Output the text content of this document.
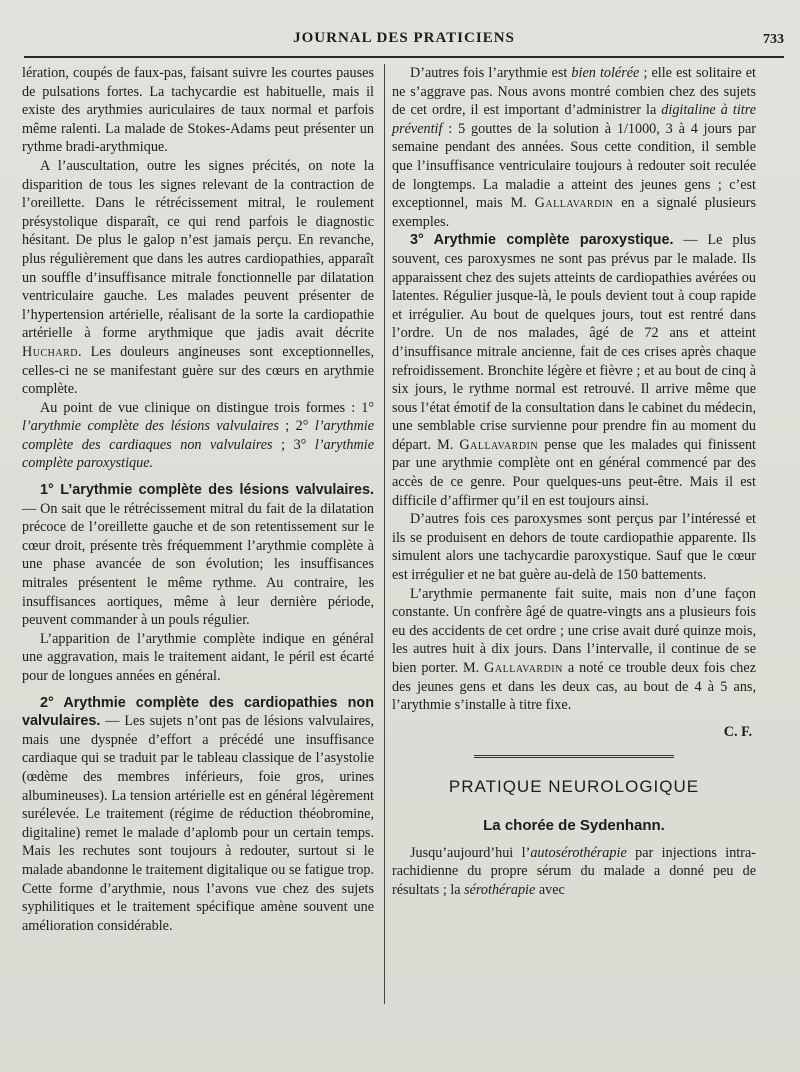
JOURNAL DES PRATICIENS	733

lération, coupés de faux-pas, faisant suivre les courtes pauses de pulsations fortes. La tachycardie est habituelle, mais il existe des arythmies auriculaires de taux normal et parfois même ralenti. La malade de Stokes-Adams peut présenter un rythme bradi-arythmique.

A l’auscultation, outre les signes précités, on note la disparition de tous les signes relevant de la contraction de l’oreillette. Dans le rétrécissement mitral, le roulement présystolique disparaît, ce qui rend parfois le diagnostic hésitant. De plus le galop n’est jamais perçu. En revanche, plus régulièrement que dans les autres cardiopathies, apparaît un souffle d’insuffisance mitrale fonctionnelle par dilatation ventriculaire gauche. Les malades peuvent présenter de l’hypertension artérielle, réalisant de la sorte la cardiopathie artérielle à forme arythmique que jadis avait décrite Huchard. Les douleurs angineuses sont exceptionnelles, celles-ci ne se manifestant guère sur des cœurs en arythmie complète.

Au point de vue clinique on distingue trois formes : 1° l’arythmie complète des lésions valvulaires ; 2° l’arythmie complète des cardiaques non valvulaires ; 3° l’arythmie complète paroxystique.

1° L’arythmie complète des lésions valvulaires. — On sait que le rétrécissement mitral du fait de la dilatation précoce de l’oreillette gauche et de son retentissement sur le cœur droit, présente très fréquemment l’arythmie complète à une phase avancée de son évolution; les insuffisances mitrales présentent le même rythme. Au contraire, les insuffisances aortiques, même à leur dernière période, peuvent commander à un pouls régulier.

L’apparition de l’arythmie complète indique en général une aggravation, mais le traitement aidant, le péril est écarté pour de longues années en général.

2° Arythmie complète des cardiopathies non valvulaires. — Les sujets n’ont pas de lésions valvulaires, mais une dyspnée d’effort a précédé une insuffisance cardiaque qui se traduit par le tableau classique de l’asystolie (œdème des membres inférieurs, foie gros, urines albumineuses). La tension artérielle est en général légèrement surélevée. Le traitement (régime de réduction théobromine, digitaline) remet le malade d’aplomb pour un certain temps. Mais les rechutes sont toujours à redouter, surtout si le malade abandonne le traitement digitalique ou se fatigue trop. Cette forme d’arythmie, nous l’avons vue chez des sujets syphilitiques et le traitement spécifique amène souvent une amélioration considérable.

D’autres fois l’arythmie est bien tolérée ; elle est solitaire et ne s’aggrave pas. Nous avons montré combien chez des sujets de cet ordre, il est important d’administrer la digitaline à titre préventif : 5 gouttes de la solution à 1/1000, 3 à 4 jours par semaine pendant des années. Sous cette condition, il semble que l’insuffisance ventriculaire toujours à redouter soit reculée de longtemps. La maladie a atteint des jeunes gens ; c’est exceptionnel, mais M. Gallavardin en a signalé plusieurs exemples.

3° Arythmie complète paroxystique. — Le plus souvent, ces paroxysmes ne sont pas prévus par le malade. Ils apparaissent chez des sujets atteints de cardiopathies avérées ou latentes. Régulier jusque-là, le pouls devient tout à coup rapide et irrégulier. Au bout de quelques jours, tout est rentré dans l’ordre. Un de nos malades, âgé de 72 ans et atteint d’insuffisance mitrale ancienne, fait de ces crises après chaque refroidissement. Bronchite légère et fièvre ; et au bout de cinq à six jours, le rythme normal est retrouvé. Il arrive même que sous l’état émotif de la consultation dans le cabinet du médecin, une semblable crise survienne pour prendre fin au moment du départ. M. Gallavardin pense que les malades qui finissent par une arythmie complète ont en général commencé par des accès de ce genre. Pour quelques-uns peut-être. Mais il est difficile d’affirmer qu’il en est toujours ainsi.

D’autres fois ces paroxysmes sont perçus par l’intéressé et ils se produisent en dehors de toute cardiopathie apparente. Ils simulent alors une tachycardie paroxystique. Sauf que le cœur est irrégulier et ne bat guère au-delà de 150 battements.

L’arythmie permanente fait suite, mais non d’une façon constante. Un confrère âgé de quatre-vingts ans a plusieurs fois eu des accidents de cet ordre ; une crise avait duré quinze mois, les autres huit à dix jours. Dans l’intervalle, il continue de se bien porter. M. Gallavardin a noté ce trouble deux fois chez des jeunes gens et dans les deux cas, au bout de 4 à 5 ans, l’arythmie s’installe à titre fixe.

C. F.

PRATIQUE NEUROLOGIQUE

La chorée de Sydenhann.

Jusqu’aujourd’hui l’autosérothérapie par injections intra-rachidienne du propre sérum du malade a donné peu de résultats ; la sérothérapie avec
